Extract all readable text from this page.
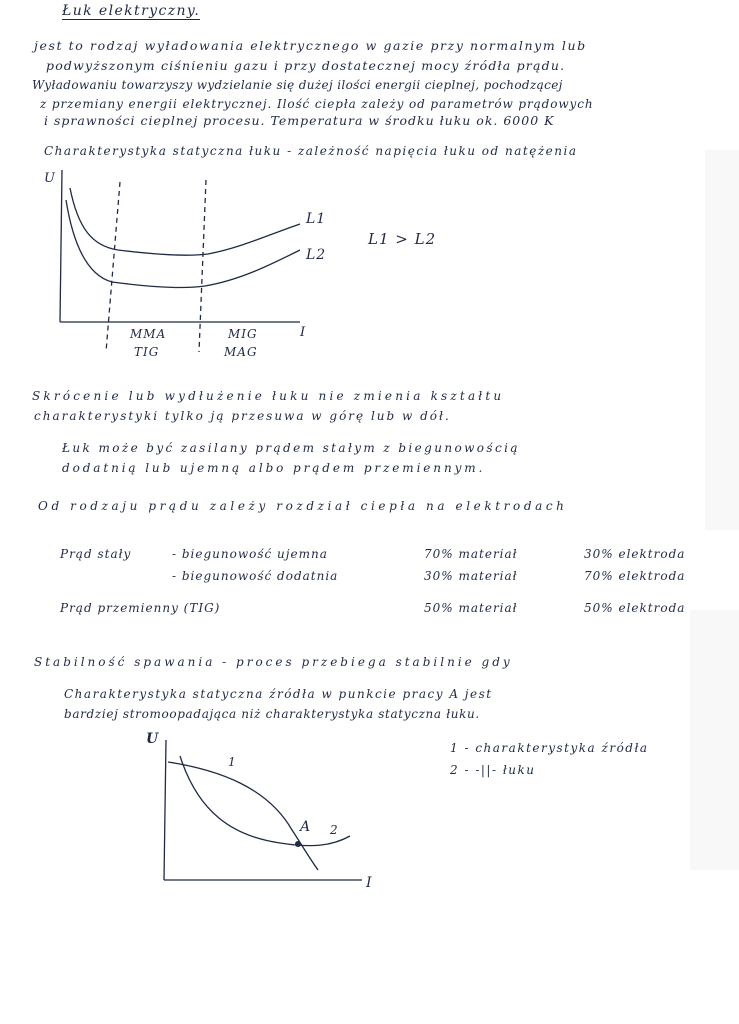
Łuk elektryczny.
jest to rodzaj wyładowania elektrycznego w gazie przy normalnym lub
podwyższonym ciśnieniu gazu i przy dostatecznej mocy źródła prądu.
Wyładowaniu towarzyszy wydzielanie się dużej ilości energii cieplnej, pochodzącej
z przemiany energii elektrycznej. Ilość ciepła zależy od parametrów prądowych
i sprawności cieplnej procesu. Temperatura w środku łuku ok. 6000 K
Charakterystyka statyczna łuku - zależność napięcia łuku od natężenia
U
I
L1
L2
L1 > L2
MMA
TIG
MIG
MAG
Skrócenie lub wydłużenie łuku nie zmienia kształtu
charakterystyki tylko ją przesuwa w górę lub w dół.
Łuk może być zasilany prądem stałym z biegunowością
dodatnią lub ujemną albo prądem przemiennym.
Od rodzaju prądu zależy rozdział ciepła na elektrodach
Prąd stały	- biegunowość ujemna	70% materiał	30% elektroda
- biegunowość dodatnia	30% materiał	70% elektroda
Prąd przemienny (TIG)	50% materiał	50% elektroda
Stabilność spawania - proces przebiega stabilnie gdy
Charakterystyka statyczna źródła w punkcie pracy A jest
bardziej stromoopadająca niż charakterystyka statyczna łuku.
U
I
1
2
A
1 - charakterystyka źródła
2 - -||- łuku
